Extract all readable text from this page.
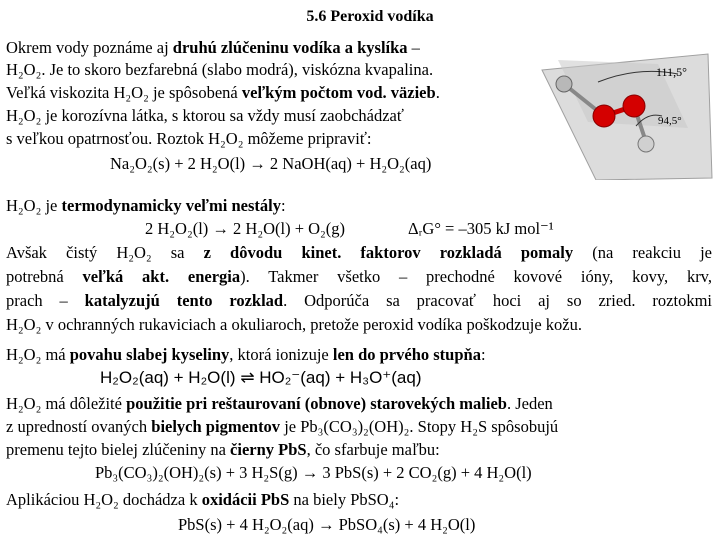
5.6 Peroxid vodíka
Okrem vody poznáme aj druhú zlúčeninu vodíka a kyslíka –
H₂O₂. Je to skoro bezfarebná (slabo modrá), viskózna kvapalina.
Veľká viskozita H₂O₂ je spôsobená veľkým počtom vod. väzieb.
H₂O₂ je korozívna látka, s ktorou sa vždy musí zaobchádzať
s veľkou opatrnosťou. Roztok H₂O₂ môžeme pripraviť:
Na₂O₂(s) + 2 H₂O(l) → 2 NaOH(aq) + H₂O₂(aq)
111,5°
94,5°
H₂O₂ je termodynamicky veľmi nestály:
2 H₂O₂(l) → 2 H₂O(l) + O₂(g)	ΔᵣG° = –305 kJ mol⁻¹
Avšak čistý H₂O₂ sa z dôvodu kinet. faktorov rozkladá pomaly (na reakciu je
potrebná veľká akt. energia). Takmer všetko – prechodné kovové ióny, kovy, krv,
prach – katalyzujú tento rozklad. Odporúča sa pracovať hoci aj so zried. roztokmi
H₂O₂ v ochranných rukaviciach a okuliaroch, pretože peroxid vodíka poškodzuje kožu.
H₂O₂ má povahu slabej kyseliny, ktorá ionizuje len do prvého stupňa:
H₂O₂(aq) + H₂O(l) ⇌ HO₂⁻(aq) + H₃O⁺(aq)
H₂O₂ má dôležité použitie pri reštaurovaní (obnove) starovekých malieb. Jeden
z upredností ovaných bielych pigmentov je Pb₃(CO₃)₂(OH)₂. Stopy H₂S spôsobujú
premenu tejto bielej zlúčeniny na čierny PbS, čo sfarbuje maľbu:
Pb₃(CO₃)₂(OH)₂(s) + 3 H₂S(g) → 3 PbS(s) + 2 CO₂(g) + 4 H₂O(l)
Aplikáciou H₂O₂ dochádza k oxidácii PbS na biely PbSO₄:
PbS(s) + 4 H₂O₂(aq) → PbSO₄(s) + 4 H₂O(l)
